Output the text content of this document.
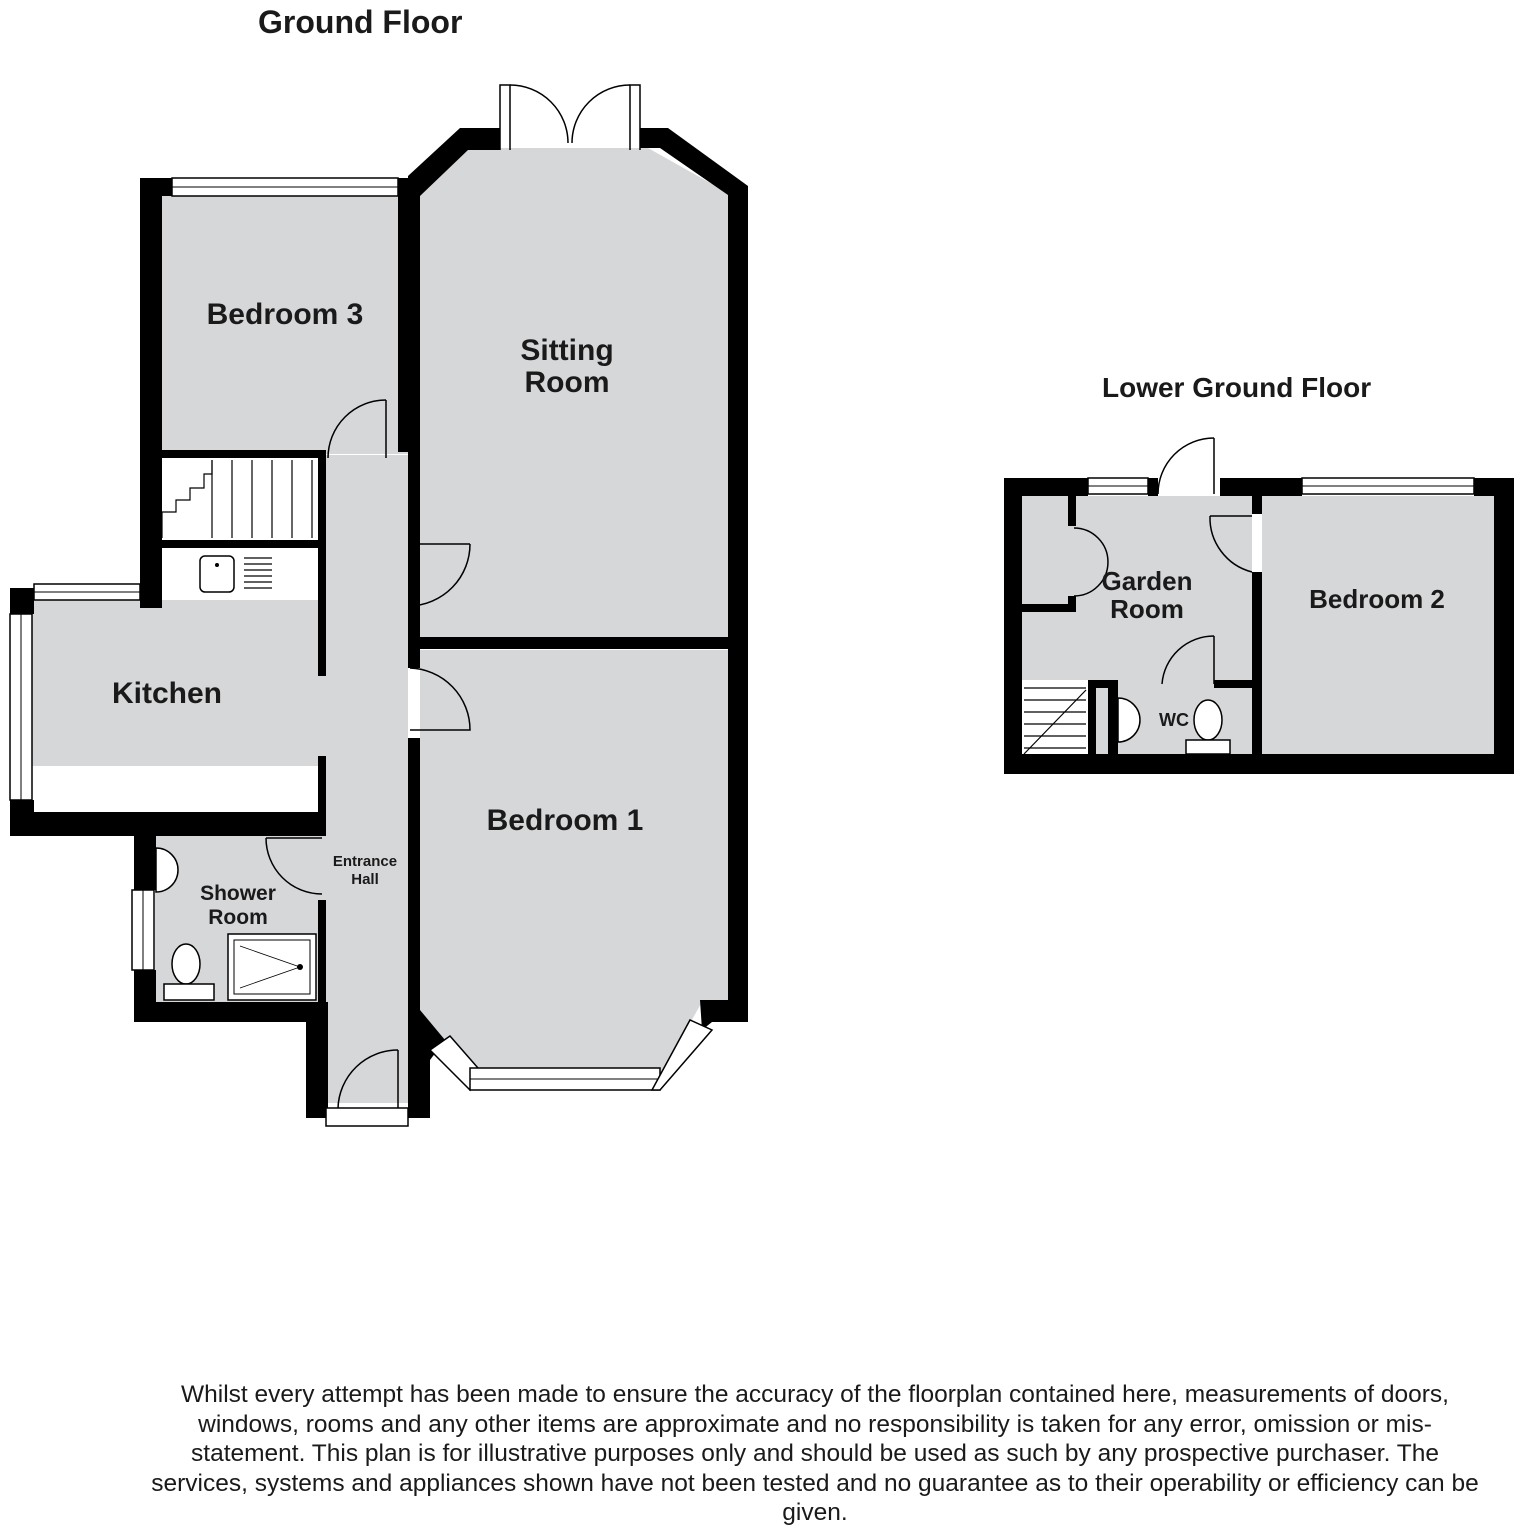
Ground Floor
Lower Ground Floor
Bedroom 3
Sitting
Room
Kitchen
Bedroom 1
Entrance
Hall
Shower
Room
Garden
Room	Bedroom 2
WC
Whilst every attempt has been made to ensure the accuracy of the floorplan contained here, measurements of doors, windows, rooms and any other items are approximate and no responsibility is taken for any error, omission or mis-statement. This plan is for illustrative purposes only and should be used as such by any prospective purchaser. The services, systems and appliances shown have not been tested and no guarantee as to their operability or efficiency can be given.
